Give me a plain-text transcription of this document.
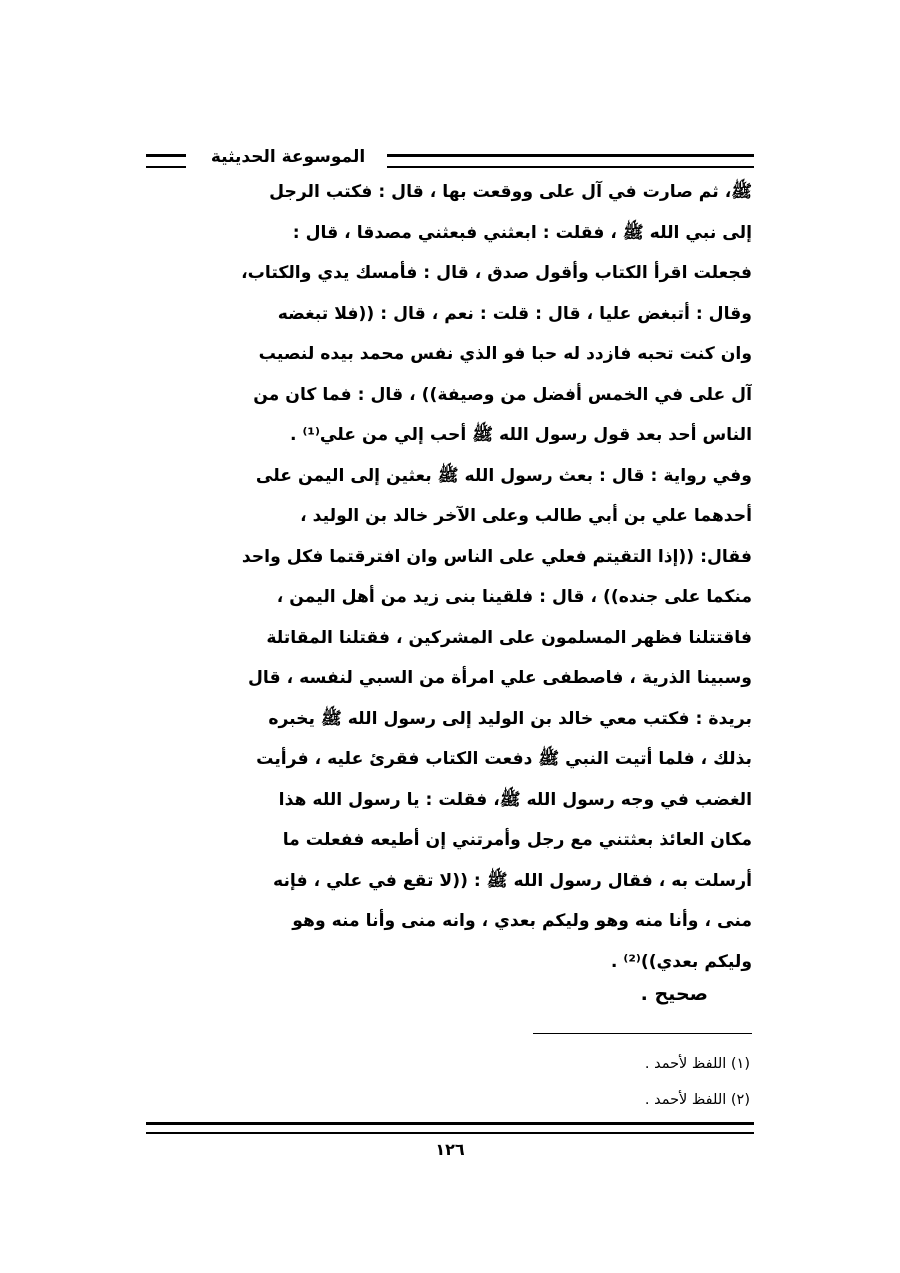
الموسوعة الحديثية
ﷺ، ثم صارت في آل على ووقعت بها ، قال : فكتب الرجل
إلى نبي الله ﷺ ، فقلت : ابعثني فبعثني مصدقا ، قال :
فجعلت اقرأ الكتاب وأقول صدق ، قال : فأمسك يدي والكتاب،
وقال : أتبغض عليا ، قال : قلت : نعم ، قال : ((فلا تبغضه
وان كنت تحبه فازدد له حبا فو الذي نفس محمد بيده لنصيب
آل على في الخمس أفضل من وصيفة)) ، قال : فما كان من
الناس أحد بعد قول رسول الله ﷺ أحب إلي من علي⁽¹⁾ .
وفي رواية : قال : بعث رسول الله ﷺ بعثين إلى اليمن على
أحدهما علي بن أبي طالب وعلى الآخر خالد بن الوليد ،
فقال: ((إذا التقيتم فعلي على الناس وان افترقتما فكل واحد
منكما على جنده)) ، قال : فلقينا بنى زيد من أهل اليمن ،
فاقتتلنا فظهر المسلمون على المشركين ، فقتلنا المقاتلة
وسبينا الذرية ، فاصطفى علي امرأة من السبي لنفسه ، قال
بريدة : فكتب معي خالد بن الوليد إلى رسول الله ﷺ يخبره
بذلك ، فلما أتيت النبي ﷺ دفعت الكتاب فقرئ عليه ، فرأيت
الغضب في وجه رسول الله ﷺ، فقلت : يا رسول الله هذا
مكان العائذ بعثتني مع رجل وأمرتني إن أطيعه ففعلت ما
أرسلت به ، فقال رسول الله ﷺ : ((لا تقع في علي ، فإنه
منى ، وأنا منه وهو وليكم بعدي ، وانه منى وأنا منه وهو
وليكم بعدي))⁽²⁾ .
صحيح .
(١) اللفظ لأحمد .
(٢) اللفظ لأحمد .
١٢٦
